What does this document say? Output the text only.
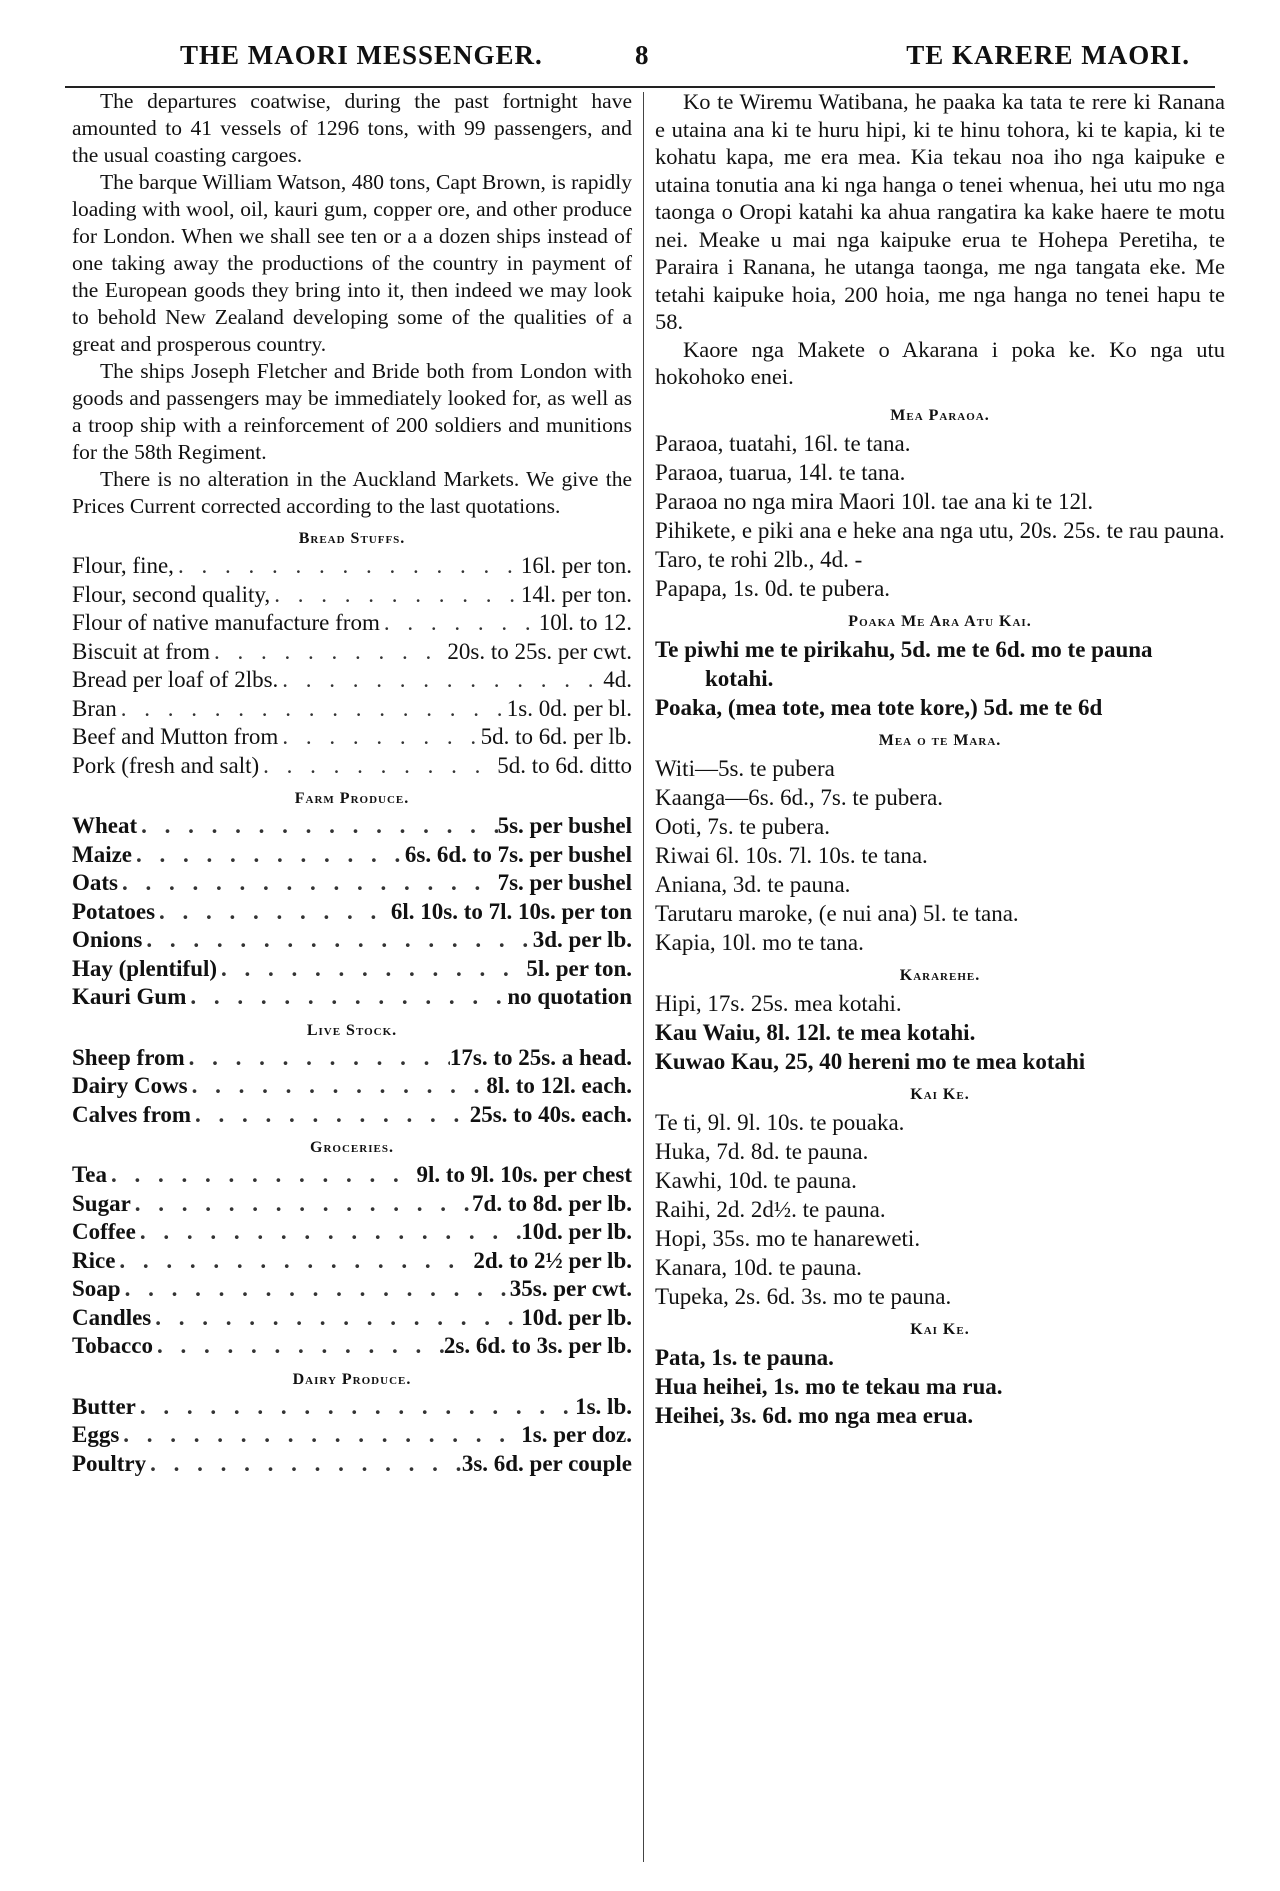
THE MAORI MESSENGER.	8	TE KARERE MAORI.

The departures coatwise, during the past fortnight have amounted to 41 vessels of 1296 tons, with 99 passengers, and the usual coasting cargoes.

The barque William Watson, 480 tons, Capt Brown, is rapidly loading with wool, oil, kauri gum, copper ore, and other produce for London. When we shall see ten or a a dozen ships instead of one taking away the productions of the country in payment of the European goods they bring into it, then indeed we may look to behold New Zealand developing some of the qualities of a great and prosperous country.

The ships Joseph Fletcher and Bride both from London with goods and passengers may be immediately looked for, as well as a troop ship with a reinforcement of 200 soldiers and munitions for the 58th Regiment.

There is no alteration in the Auckland Markets. We give the Prices Current corrected according to the last quotations.

Bread Stuffs.
Flour, fine, . . .	16l. per ton.
Flour, second quality, . . .	14l. per ton.
Flour of native manufacture from . . .	10l. to 12.
Biscuit at from . . .	20s. to 25s. per cwt.
Bread per loaf of 2lbs. . . .	4d.
Bran . . .	1s. 0d. per bl.
Beef and Mutton from . . .	5d. to 6d. per lb.
Pork (fresh and salt) . . .	5d. to 6d. ditto
Farm Produce.
Wheat . . .	5s. per bushel
Maize . . .	6s. 6d. to 7s. per bushel
Oats . . .	7s. per bushel
Potatoes . . .	6l. 10s. to 7l. 10s. per ton
Onions . . .	3d. per lb.
Hay (plentiful) . . .	5l. per ton.
Kauri Gum . . .	no quotation
Live Stock.
Sheep from . . .	17s. to 25s. a head.
Dairy Cows . . .	8l. to 12l. each.
Calves from . . .	25s. to 40s. each.
Groceries.
Tea . . .	9l. to 9l. 10s. per chest
Sugar . . .	7d. to 8d. per lb.
Coffee . . .	10d. per lb.
Rice . . .	2d. to 2½ per lb.
Soap . . .	35s. per cwt.
Candles . . .	10d. per lb.
Tobacco . . .	2s. 6d. to 3s. per lb.
Dairy Produce.
Butter . . .	1s. lb.
Eggs . . .	1s. per doz.
Poultry . . .	3s. 6d. per couple

Ko te Wiremu Watibana, he paaka ka tata te rere ki Ranana e utaina ana ki te huru hipi, ki te hinu tohora, ki te kapia, ki te kohatu kapa, me era mea. Kia tekau noa iho nga kaipuke e utaina tonutia ana ki nga hanga o tenei whenua, hei utu mo nga taonga o Oropi katahi ka ahua rangatira ka kake haere te motu nei. Meake u mai nga kaipuke erua te Hohepa Peretiha, te Paraira i Ranana, he utanga taonga, me nga tangata eke. Me tetahi kaipuke hoia, 200 hoia, me nga hanga no tenei hapu te 58.

Kaore nga Makete o Akarana i poka ke. Ko nga utu hokohoko enei.

Mea Paraoa.
Paraoa, tuatahi, 16l. te tana.
Paraoa, tuarua, 14l. te tana.
Paraoa no nga mira Maori 10l. tae ana ki te 12l.
Pihikete, e piki ana e heke ana nga utu, 20s. 25s. te rau pauna.
Taro, te rohi 2lb., 4d. -
Papapa, 1s. 0d. te pubera.
Poaka Me Ara Atu Kai.
Te piwhi me te pirikahu, 5d. me te 6d. mo te pauna kotahi.
Poaka, (mea tote, mea tote kore,) 5d. me te 6d
Mea o te Mara.
Witi—5s. te pubera
Kaanga—6s. 6d., 7s. te pubera.
Ooti, 7s. te pubera.
Riwai 6l. 10s. 7l. 10s. te tana.
Aniana, 3d. te pauna.
Tarutaru maroke, (e nui ana) 5l. te tana.
Kapia, 10l. mo te tana.
Kararehe.
Hipi, 17s. 25s. mea kotahi.
Kau Waiu, 8l. 12l. te mea kotahi.
Kuwao Kau, 25, 40 hereni mo te mea kotahi
Kai Ke.
Te ti, 9l. 9l. 10s. te pouaka.
Huka, 7d. 8d. te pauna.
Kawhi, 10d. te pauna.
Raihi, 2d. 2d½. te pauna.
Hopi, 35s. mo te hanareweti.
Kanara, 10d. te pauna.
Tupeka, 2s. 6d. 3s. mo te pauna.
Kai Ke.
Pata, 1s. te pauna.
Hua heihei, 1s. mo te tekau ma rua.
Heihei, 3s. 6d. mo nga mea erua.
